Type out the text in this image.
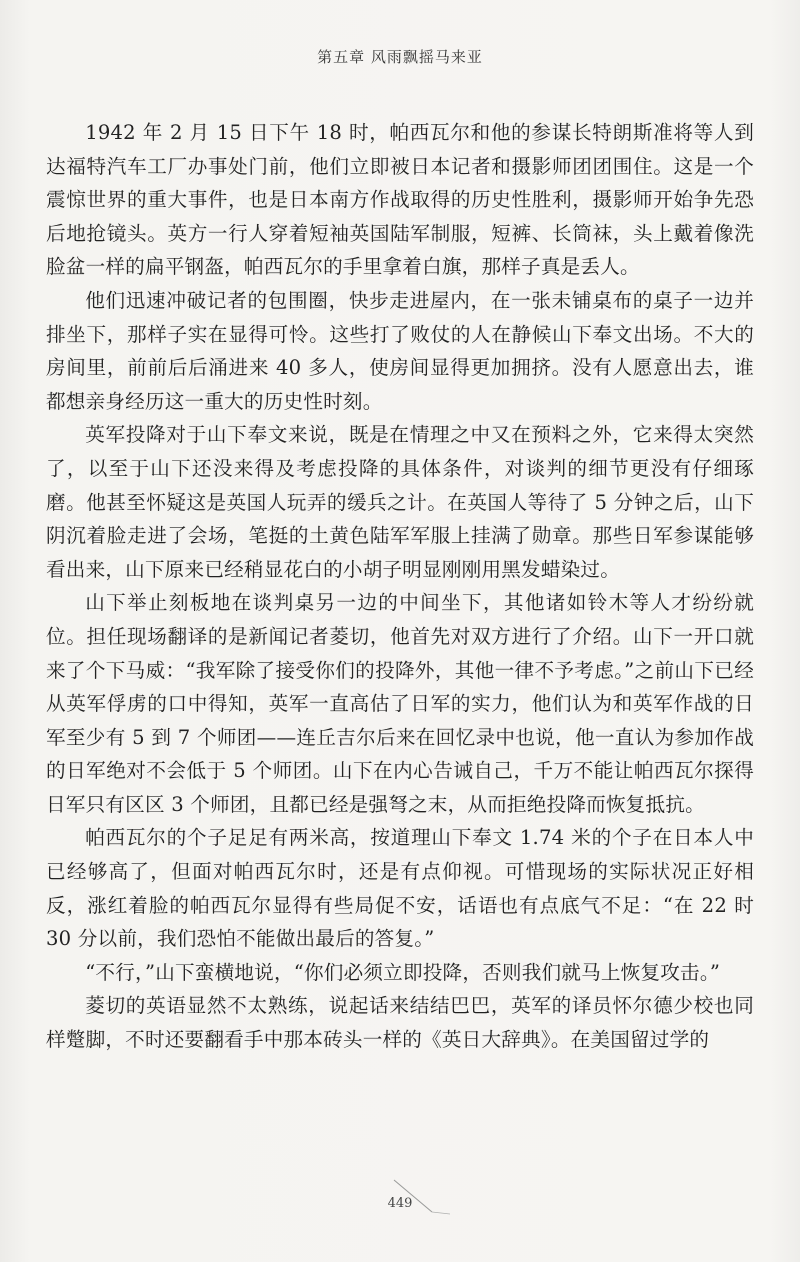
第五章 风雨飘摇马来亚

1942 年 2 月 15 日下午 18 时，帕西瓦尔和他的参谋长特朗斯准将等人到达福特汽车工厂办事处门前，他们立即被日本记者和摄影师团团围住。这是一个震惊世界的重大事件，也是日本南方作战取得的历史性胜利，摄影师开始争先恐后地抢镜头。英方一行人穿着短袖英国陆军制服，短裤、长筒袜，头上戴着像洗脸盆一样的扁平钢盔，帕西瓦尔的手里拿着白旗，那样子真是丢人。

他们迅速冲破记者的包围圈，快步走进屋内，在一张未铺桌布的桌子一边并排坐下，那样子实在显得可怜。这些打了败仗的人在静候山下奉文出场。不大的房间里，前前后后涌进来 40 多人，使房间显得更加拥挤。没有人愿意出去，谁都想亲身经历这一重大的历史性时刻。

英军投降对于山下奉文来说，既是在情理之中又在预料之外，它来得太突然了，以至于山下还没来得及考虑投降的具体条件，对谈判的细节更没有仔细琢磨。他甚至怀疑这是英国人玩弄的缓兵之计。在英国人等待了 5 分钟之后，山下阴沉着脸走进了会场，笔挺的土黄色陆军军服上挂满了勋章。那些日军参谋能够看出来，山下原来已经稍显花白的小胡子明显刚刚用黑发蜡染过。

山下举止刻板地在谈判桌另一边的中间坐下，其他诸如铃木等人才纷纷就位。担任现场翻译的是新闻记者菱切，他首先对双方进行了介绍。山下一开口就来了个下马威：“我军除了接受你们的投降外，其他一律不予考虑。”之前山下已经从英军俘虏的口中得知，英军一直高估了日军的实力，他们认为和英军作战的日军至少有 5 到 7 个师团——连丘吉尔后来在回忆录中也说，他一直认为参加作战的日军绝对不会低于 5 个师团。山下在内心告诫自己，千万不能让帕西瓦尔探得日军只有区区 3 个师团，且都已经是强弩之末，从而拒绝投降而恢复抵抗。

帕西瓦尔的个子足足有两米高，按道理山下奉文 1.74 米的个子在日本人中已经够高了，但面对帕西瓦尔时，还是有点仰视。可惜现场的实际状况正好相反，涨红着脸的帕西瓦尔显得有些局促不安，话语也有点底气不足：“在 22 时 30 分以前，我们恐怕不能做出最后的答复。”

“不行，”山下蛮横地说，“你们必须立即投降，否则我们就马上恢复攻击。”

菱切的英语显然不太熟练，说起话来结结巴巴，英军的译员怀尔德少校也同样蹩脚，不时还要翻看手中那本砖头一样的《英日大辞典》。在美国留过学的

449
